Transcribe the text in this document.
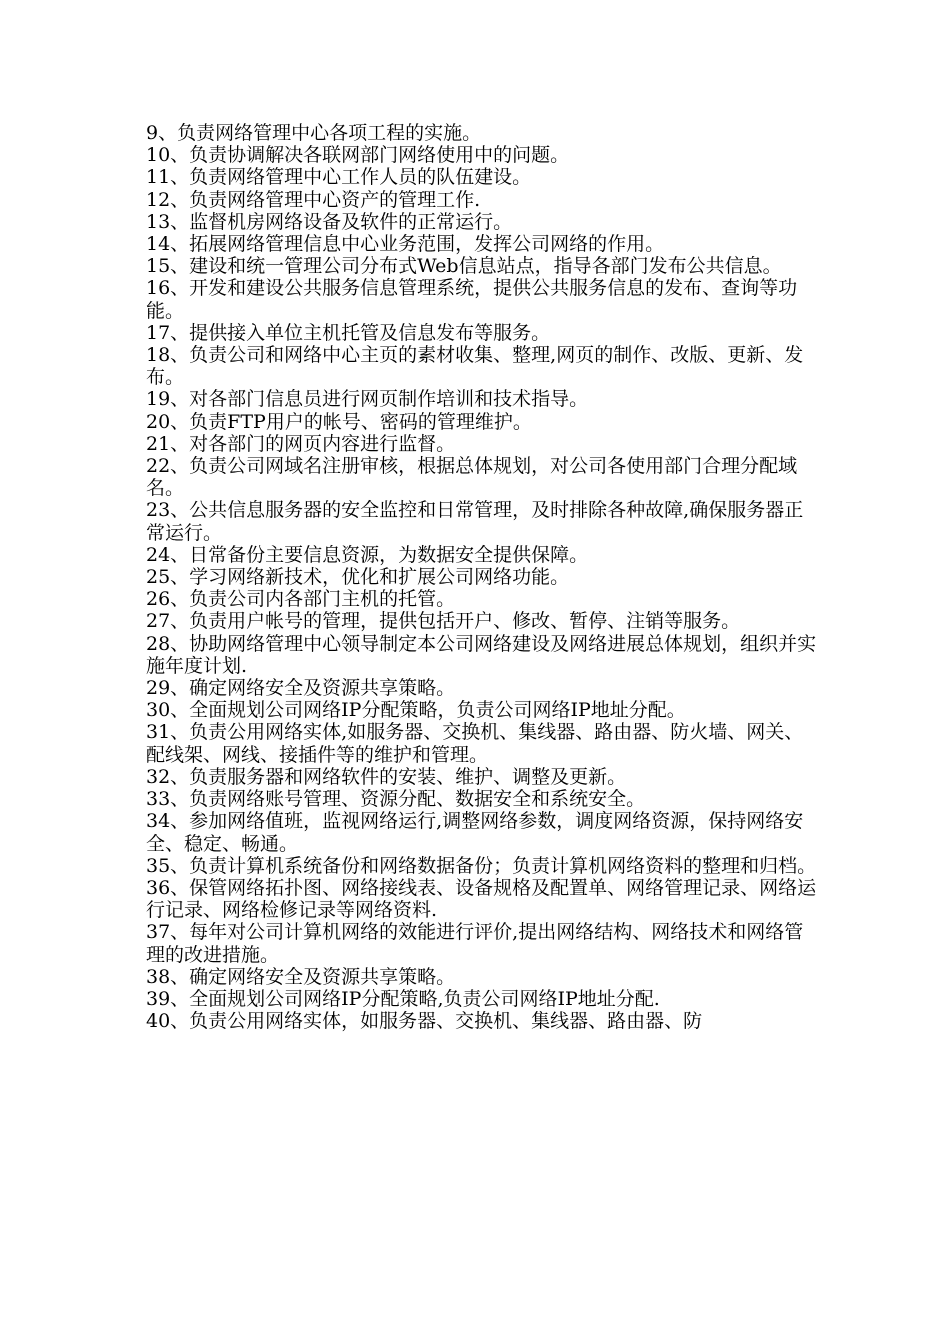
9、负责网络管理中心各项工程的实施。

10、负责协调解决各联网部门网络使用中的问题。

11、负责网络管理中心工作人员的队伍建设。

12、负责网络管理中心资产的管理工作.

13、监督机房网络设备及软件的正常运行。

14、拓展网络管理信息中心业务范围，发挥公司网络的作用。

15、建设和统一管理公司分布式Web信息站点，指导各部门发布公共信息。

16、开发和建设公共服务信息管理系统，提供公共服务信息的发布、查询等功能。

17、提供接入单位主机托管及信息发布等服务。

18、负责公司和网络中心主页的素材收集、整理,网页的制作、改版、更新、发布。

19、对各部门信息员进行网页制作培训和技术指导。

20、负责FTP用户的帐号、密码的管理维护。

21、对各部门的网页内容进行监督。

22、负责公司网域名注册审核，根据总体规划，对公司各使用部门合理分配域名。

23、公共信息服务器的安全监控和日常管理，及时排除各种故障,确保服务器正常运行。

24、日常备份主要信息资源，为数据安全提供保障。

25、学习网络新技术，优化和扩展公司网络功能。

26、负责公司内各部门主机的托管。

27、负责用户帐号的管理，提供包括开户、修改、暂停、注销等服务。

28、协助网络管理中心领导制定本公司网络建设及网络进展总体规划，组织并实施年度计划.

29、确定网络安全及资源共享策略。

30、全面规划公司网络IP分配策略，负责公司网络IP地址分配。

31、负责公用网络实体,如服务器、交换机、集线器、路由器、防火墙、网关、配线架、网线、接插件等的维护和管理。

32、负责服务器和网络软件的安装、维护、调整及更新。

33、负责网络账号管理、资源分配、数据安全和系统安全。

34、参加网络值班，监视网络运行,调整网络参数，调度网络资源，保持网络安全、稳定、畅通。

35、负责计算机系统备份和网络数据备份；负责计算机网络资料的整理和归档。

36、保管网络拓扑图、网络接线表、设备规格及配置单、网络管理记录、网络运行记录、网络检修记录等网络资料.

37、每年对公司计算机网络的效能进行评价,提出网络结构、网络技术和网络管理的改进措施。

38、确定网络安全及资源共享策略。

39、全面规划公司网络IP分配策略,负责公司网络IP地址分配.

40、负责公用网络实体，如服务器、交换机、集线器、路由器、防
